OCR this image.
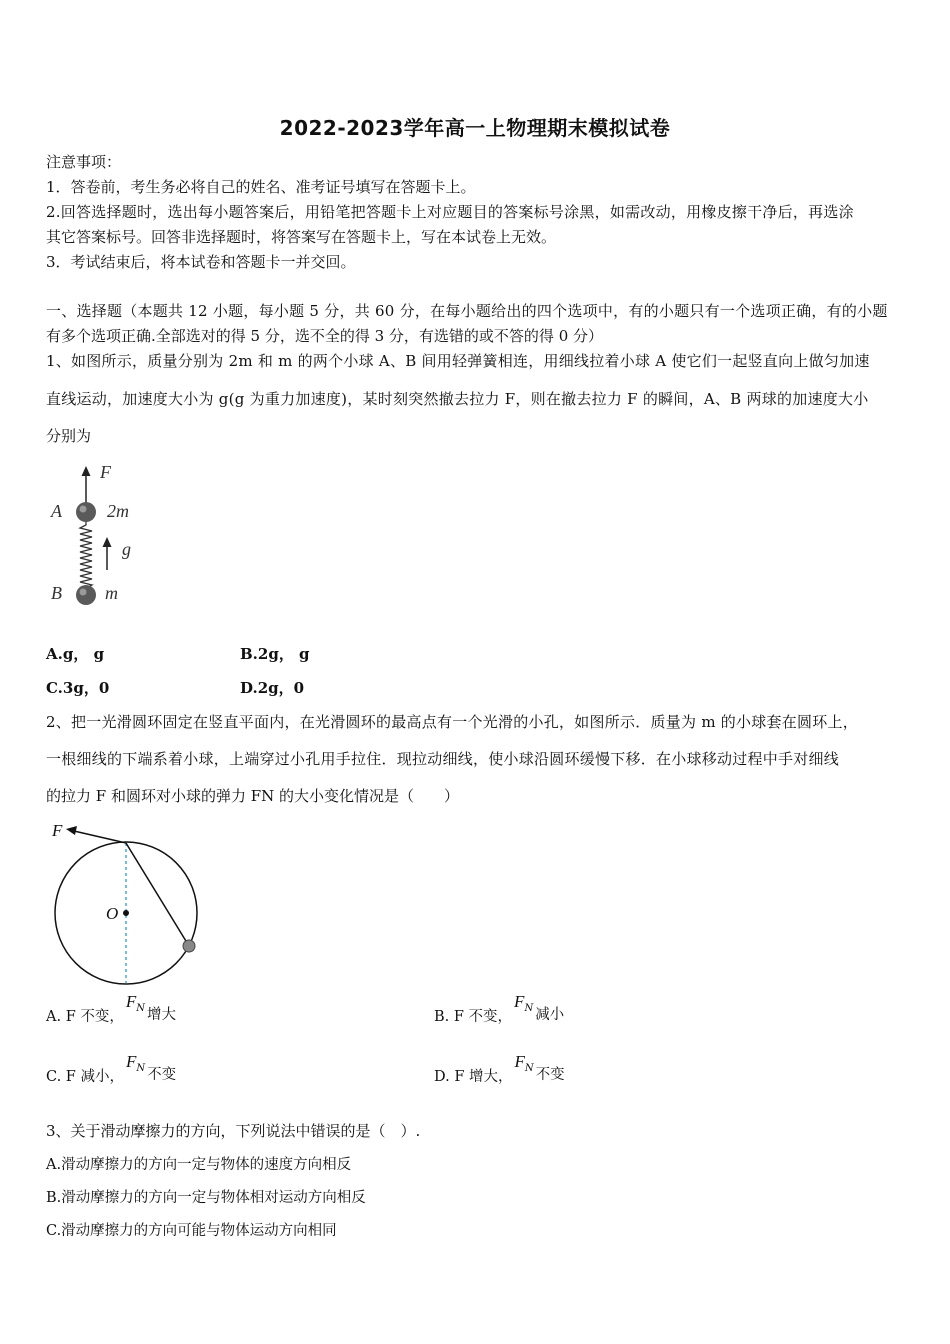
2022-2023学年高一上物理期末模拟试卷
注意事项：
1．答卷前，考生务必将自己的姓名、准考证号填写在答题卡上。
2.回答选择题时，选出每小题答案后，用铅笔把答题卡上对应题目的答案标号涂黑，如需改动，用橡皮擦干净后，再选涂
其它答案标号。回答非选择题时，将答案写在答题卡上，写在本试卷上无效。
3．考试结束后，将本试卷和答题卡一并交回。
一、选择题（本题共 12 小题，每小题 5 分，共 60 分，在每小题给出的四个选项中，有的小题只有一个选项正确，有的小题
有多个选项正确.全部选对的得 5 分，选不全的得 3 分，有选错的或不答的得 0 分）
1、如图所示，质量分别为 2m 和 m 的两个小球 A、B 间用轻弹簧相连，用细线拉着小球 A 使它们一起竖直向上做匀加速
直线运动，加速度大小为 g(g 为重力加速度)，某时刻突然撤去拉力 F，则在撤去拉力 F 的瞬间，A、B 两球的加速度大小
分别为
F
A	2m
g
B m
A.g， g	B.2g， g
C.3g，0	D.2g，0
2、把一光滑圆环固定在竖直平面内，在光滑圆环的最高点有一个光滑的小孔，如图所示．质量为 m 的小球套在圆环上，
一根细线的下端系着小球，上端穿过小孔用手拉住．现拉动细线，使小球沿圆环缓慢下移．在小球移动过程中手对细线
的拉力 F 和圆环对小球的弹力 FN 的大小变化情况是（　　）
F
O
A. F 不变，$F_N$ 增大	B. F 不变，$F_N$ 减小
C. F 减小，$F_N$ 不变	D. F 增大，$F_N$ 不变
3、关于滑动摩擦力的方向，下列说法中错误的是（　）.
A.滑动摩擦力的方向一定与物体的速度方向相反
B.滑动摩擦力的方向一定与物体相对运动方向相反
C.滑动摩擦力的方向可能与物体运动方向相同
